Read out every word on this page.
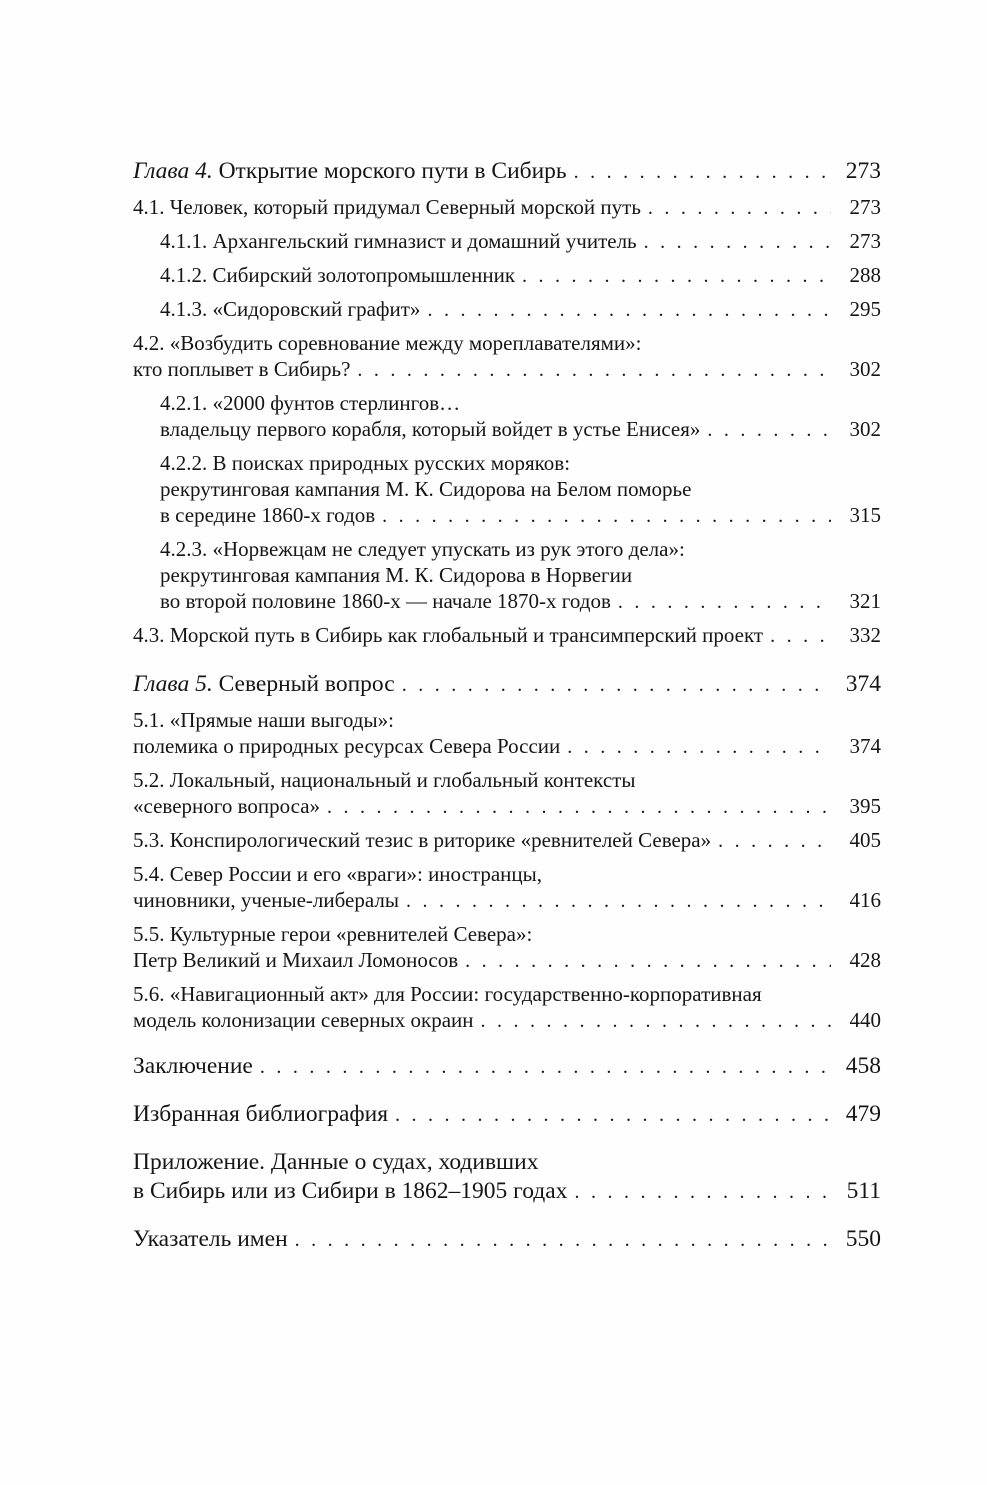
Глава 4. Открытие морского пути в Сибирь . . .	273
4.1. Человек, который придумал Северный морской путь . . .	273
4.1.1. Архангельский гимназист и домашний учитель . . .	273
4.1.2. Сибирский золотопромышленник . . .	288
4.1.3. «Сидоровский графит» . . .	295
4.2. «Возбудить соревнование между мореплавателями»:
кто поплывет в Сибирь? . . .	302
4.2.1. «2000 фунтов стерлингов…
владельцу первого корабля, который войдет в устье Енисея» . . .	302
4.2.2. В поисках природных русских моряков:
рекрутинговая кампания М. К. Сидорова на Белом поморье
в середине 1860-х годов . . .	315
4.2.3. «Норвежцам не следует упускать из рук этого дела»:
рекрутинговая кампания М. К. Сидорова в Норвегии
во второй половине 1860-х — начале 1870-х годов . . .	321
4.3. Морской путь в Сибирь как глобальный и трансимперский проект . . .	332
Глава 5. Северный вопрос . . .	374
5.1. «Прямые наши выгоды»:
полемика о природных ресурсах Севера России . . .	374
5.2. Локальный, национальный и глобальный контексты
«северного вопроса» . . .	395
5.3. Конспирологический тезис в риторике «ревнителей Севера» . . .	405
5.4. Север России и его «враги»: иностранцы,
чиновники, ученые-либералы . . .	416
5.5. Культурные герои «ревнителей Севера»:
Петр Великий и Михаил Ломоносов . . .	428
5.6. «Навигационный акт» для России: государственно-корпоративная
модель колонизации северных окраин . . .	440
Заключение . . .	458
Избранная библиография . . .	479
Приложение. Данные о судах, ходивших
в Сибирь или из Сибири в 1862–1905 годах . . .	511
Указатель имен . . .	550
